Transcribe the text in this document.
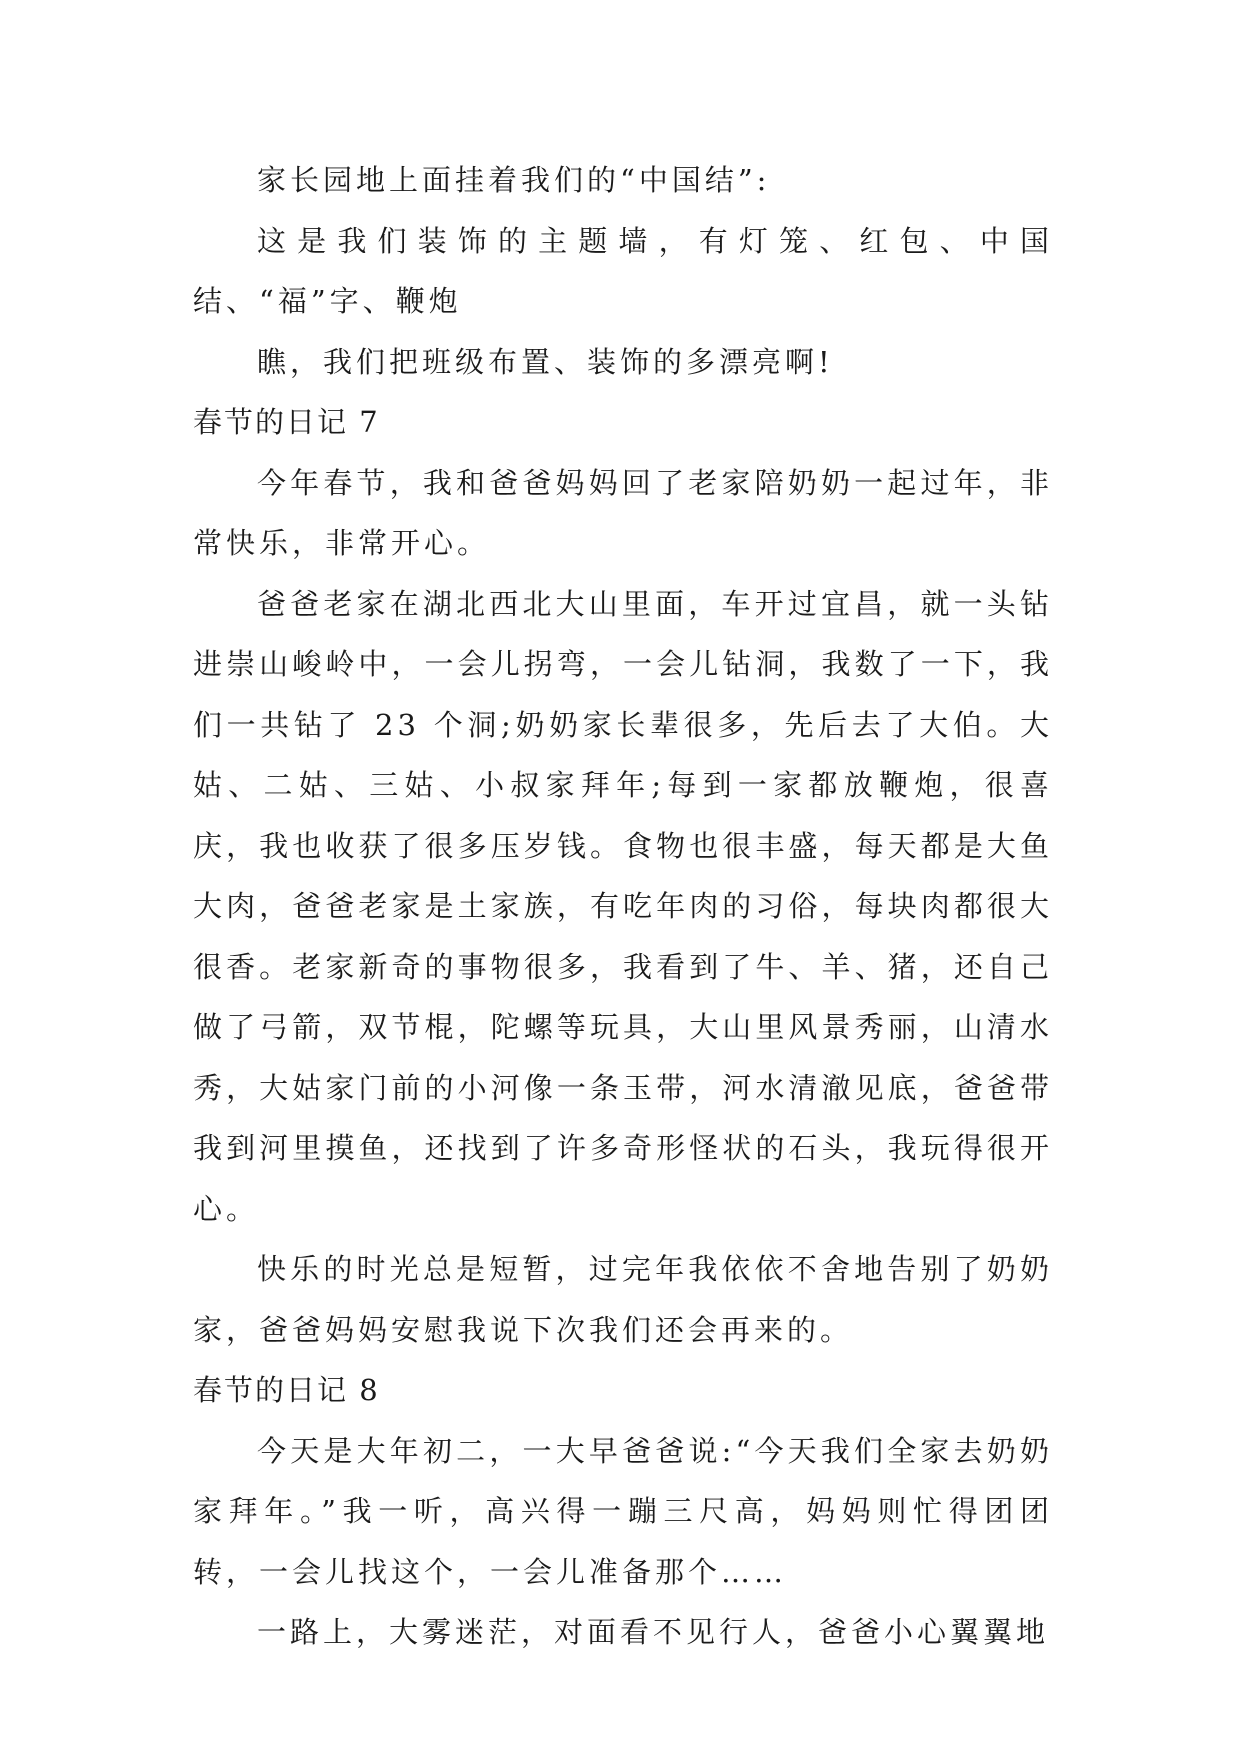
家长园地上面挂着我们的“中国结”:

这是我们装饰的主题墙，有灯笼、红包、中国结、“福”字、鞭炮

瞧，我们把班级布置、装饰的多漂亮啊!

春节的日记 7

今年春节，我和爸爸妈妈回了老家陪奶奶一起过年，非常快乐，非常开心。

爸爸老家在湖北西北大山里面，车开过宜昌，就一头钻进崇山峻岭中，一会儿拐弯，一会儿钻洞，我数了一下，我们一共钻了 23 个洞;奶奶家长辈很多，先后去了大伯。大姑、二姑、三姑、小叔家拜年;每到一家都放鞭炮，很喜庆，我也收获了很多压岁钱。食物也很丰盛，每天都是大鱼大肉，爸爸老家是土家族，有吃年肉的习俗，每块肉都很大很香。老家新奇的事物很多，我看到了牛、羊、猪，还自己做了弓箭，双节棍，陀螺等玩具，大山里风景秀丽，山清水秀，大姑家门前的小河像一条玉带，河水清澈见底，爸爸带我到河里摸鱼，还找到了许多奇形怪状的石头，我玩得很开心。

快乐的时光总是短暂，过完年我依依不舍地告别了奶奶家，爸爸妈妈安慰我说下次我们还会再来的。

春节的日记 8

今天是大年初二，一大早爸爸说:“今天我们全家去奶奶家拜年。”我一听，高兴得一蹦三尺高，妈妈则忙得团团转，一会儿找这个，一会儿准备那个……

一路上，大雾迷茫，对面看不见行人，爸爸小心翼翼地
